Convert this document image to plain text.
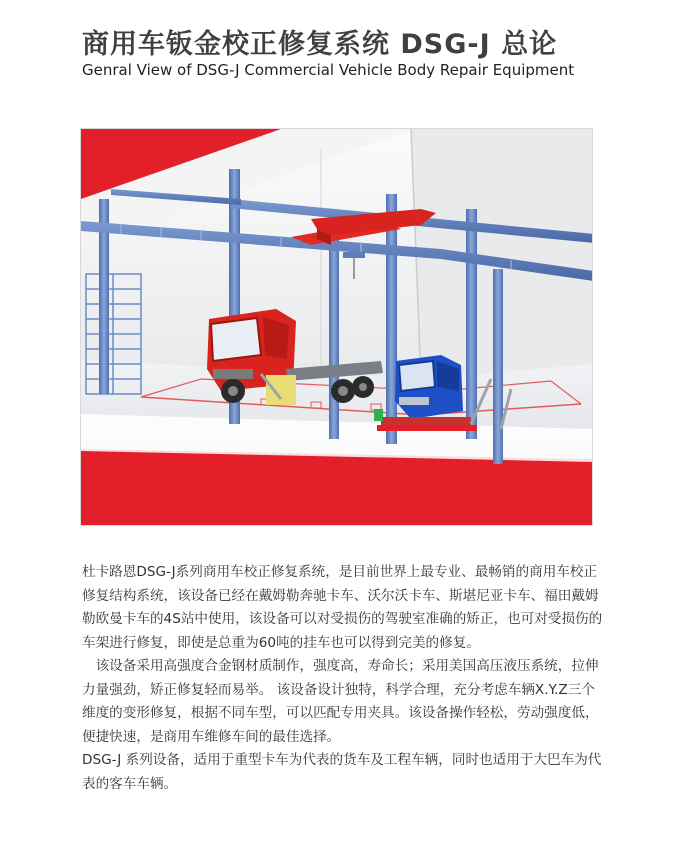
商用车钣金校正修复系统 DSG-J 总论
Genral View of DSG-J Commercial Vehicle Body Repair Equipment

杜卡路恩DSG-J系列商用车校正修复系统，是目前世界上最专业、最畅销的商用车校正修复结构系统，该设备已经在戴姆勒奔驰卡车、沃尔沃卡车、斯堪尼亚卡车、福田戴姆勒欧曼卡车的4S站中使用，该设备可以对受损伤的驾驶室准确的矫正，也可对受损伤的车架进行修复，即使是总重为60吨的挂车也可以得到完美的修复。

该设备采用高强度合金钢材质制作，强度高，寿命长；采用美国高压液压系统，拉伸力量强劲，矫正修复轻而易举。 该设备设计独特，科学合理，充分考虑车辆X.Y.Z三个维度的变形修复，根据不同车型，可以匹配专用夹具。该设备操作轻松，劳动强度低，便捷快速，是商用车维修车间的最佳选择。

DSG-J 系列设备，适用于重型卡车为代表的货车及工程车辆，同时也适用于大巴车为代表的客车车辆。
